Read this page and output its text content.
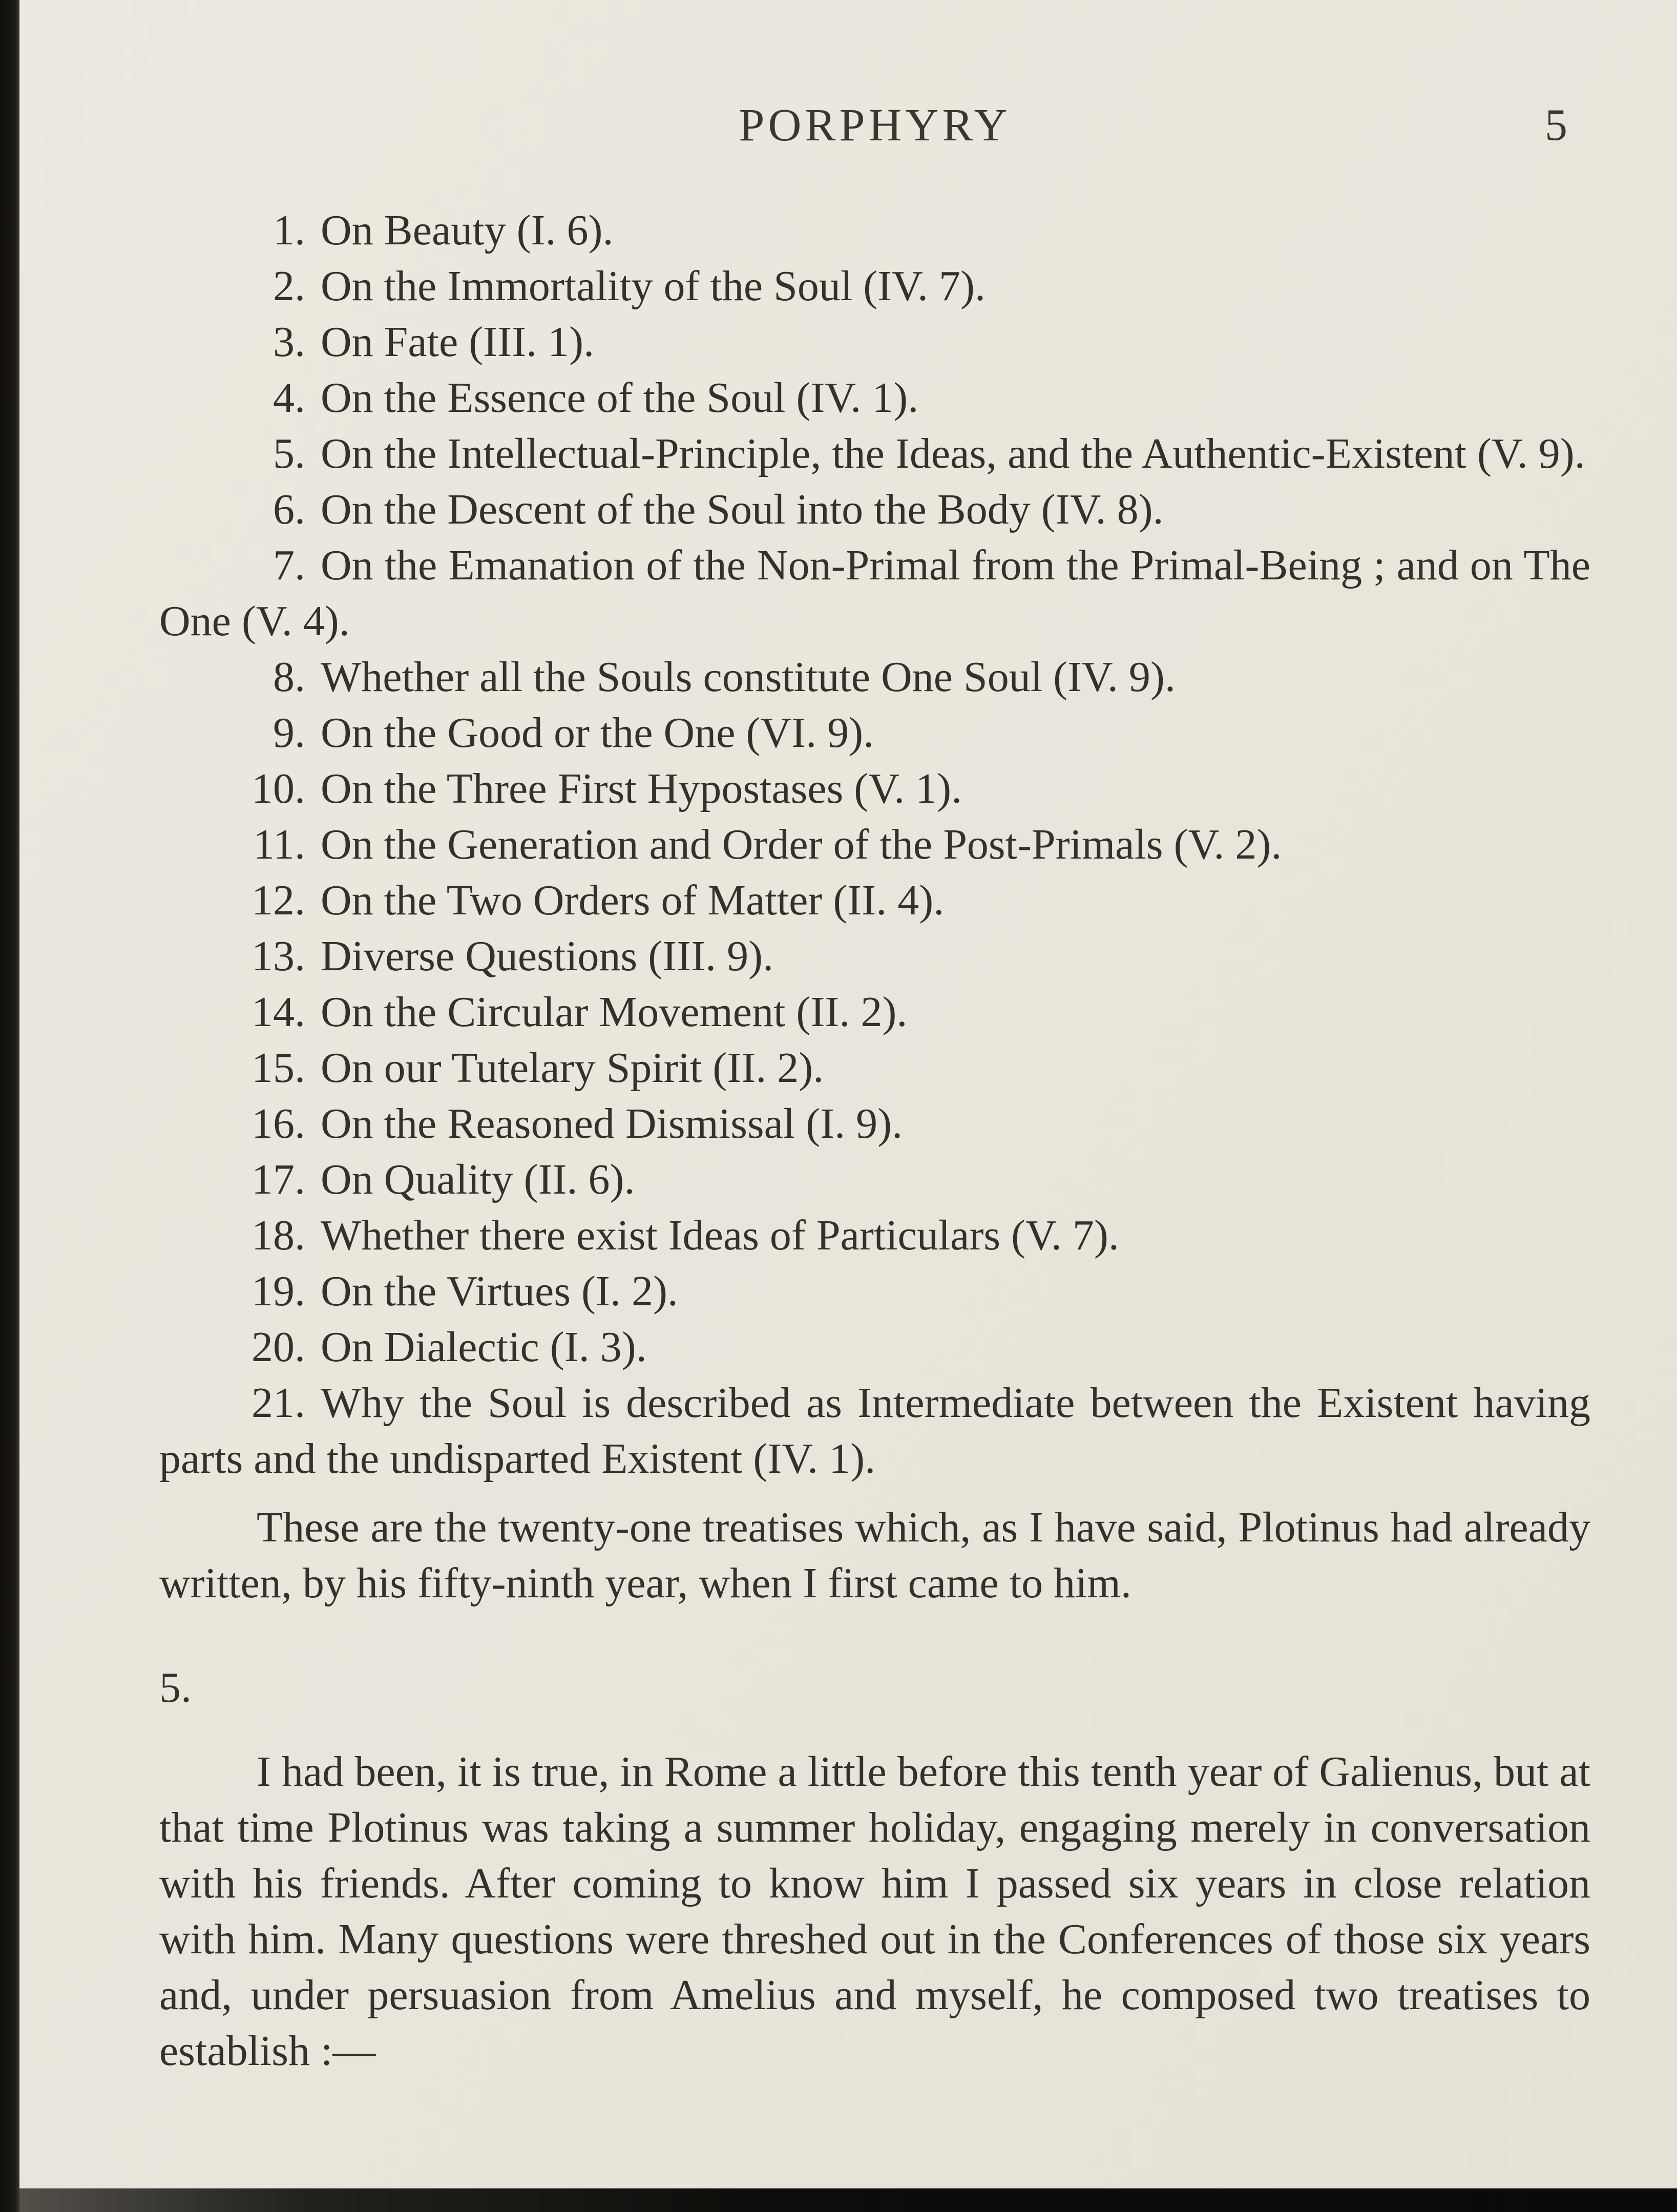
PORPHYRY	5

1. On Beauty (I. 6).

2. On the Immortality of the Soul (IV. 7).

3. On Fate (III. 1).

4. On the Essence of the Soul (IV. 1).

5. On the Intellectual-Principle, the Ideas, and the Authentic-Existent (V. 9).

6. On the Descent of the Soul into the Body (IV. 8).

7. On the Emanation of the Non-Primal from the Primal-Being ; and on The One (V. 4).

8. Whether all the Souls constitute One Soul (IV. 9).

9. On the Good or the One (VI. 9).

10. On the Three First Hypostases (V. 1).

11. On the Generation and Order of the Post-Primals (V. 2).

12. On the Two Orders of Matter (II. 4).

13. Diverse Questions (III. 9).

14. On the Circular Movement (II. 2).

15. On our Tutelary Spirit (II. 2).

16. On the Reasoned Dismissal (I. 9).

17. On Quality (II. 6).

18. Whether there exist Ideas of Particulars (V. 7).

19. On the Virtues (I. 2).

20. On Dialectic (I. 3).

21. Why the Soul is described as Intermediate between the Existent having parts and the undisparted Existent (IV. 1).

These are the twenty-one treatises which, as I have said, Plotinus had already written, by his fifty-ninth year, when I first came to him.

5.

I had been, it is true, in Rome a little before this tenth year of Galienus, but at that time Plotinus was taking a summer holiday, engaging merely in conversation with his friends. After coming to know him I passed six years in close relation with him. Many questions were threshed out in the Conferences of those six years and, under persuasion from Amelius and myself, he composed two treatises to establish :—
